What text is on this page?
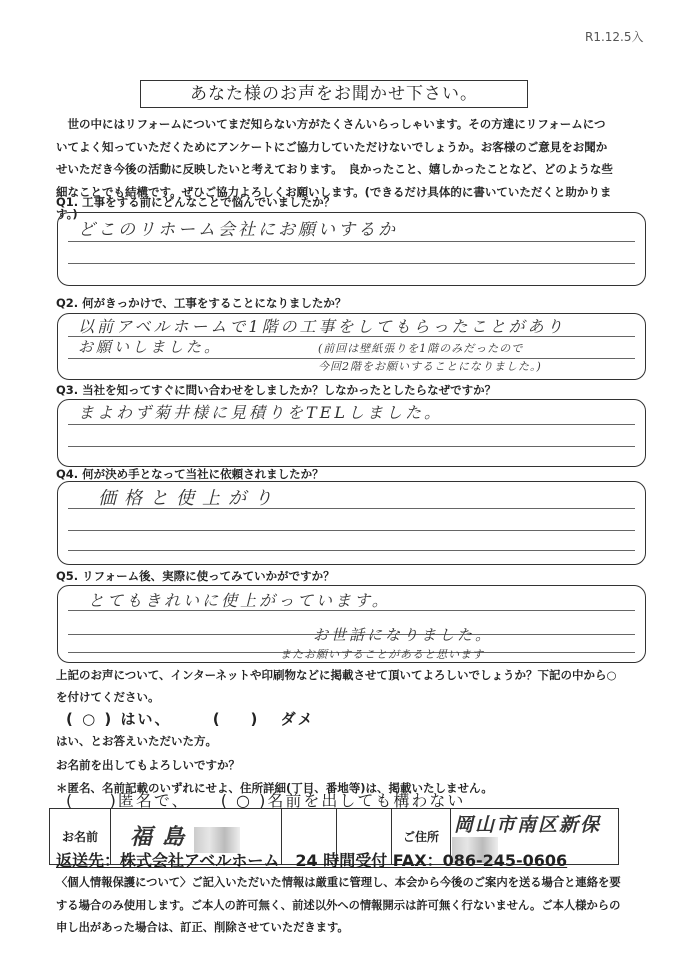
R1.12.5入
あなた様のお声をお聞かせ下さい。
　世の中にはリフォームについてまだ知らない方がたくさんいらっしゃいます。その方達にリフォームについてよく知っていただくためにアンケートにご協力していただけないでしょうか。お客様のご意見をお聞かせいただき今後の活動に反映したいと考えております。　良かったこと、嬉しかったことなど、どのような些細なことでも結構です。ぜひご協力よろしくお願いします。(できるだけ具体的に書いていただくと助かります。)
Q1. 工事をする前にどんなことで悩んでいましたか？
どこのリホーム会社にお願いするか
Q2. 何がきっかけで、工事をすることになりましたか？
以前アベルホームで1階の工事をしてもらったことがあり
お願いしました。	(前回は壁紙張りを1階のみだったので
今回2階をお願いすることになりました。)
Q3. 当社を知ってすぐに問い合わせをしましたか？しなかったとしたらなぜですか？
まよわず菊井様に見積りをTELしました。
Q4. 何が決め手となって当社に依頼されましたか？
価格と使上がり
Q5. リフォーム後、実際に使ってみていかがですか？
とてもきれいに使上がっています。
お世話になりました。
またお願いすることがあると思います
上記のお声について、インターネットや印刷物などに掲載させて頂いてよろしいでしょうか？下記の中から○を付けてください。
( ○ ) はい、	(    ) ダメ
はい、とお答えいただいた方。
お名前を出してもよろしいですか？
＊匿名、名前記載のいずれにせよ、住所詳細(丁目、番地等)は、掲載いたしません。
(     )匿名で、 ( ○ )名前を出しても構わない
お名前	福島			ご住所	岡山市南区新保
返送先：株式会社アベルホーム　24 時間受付 FAX：086-245-0606
〈個人情報保護について〉ご記入いただいた情報は厳重に管理し、本会から今後のご案内を送る場合と連絡を要する場合のみ使用します。ご本人の許可無く、前述以外への情報開示は許可無く行ないません。ご本人様からの申し出があった場合は、訂正、削除させていただきます。
